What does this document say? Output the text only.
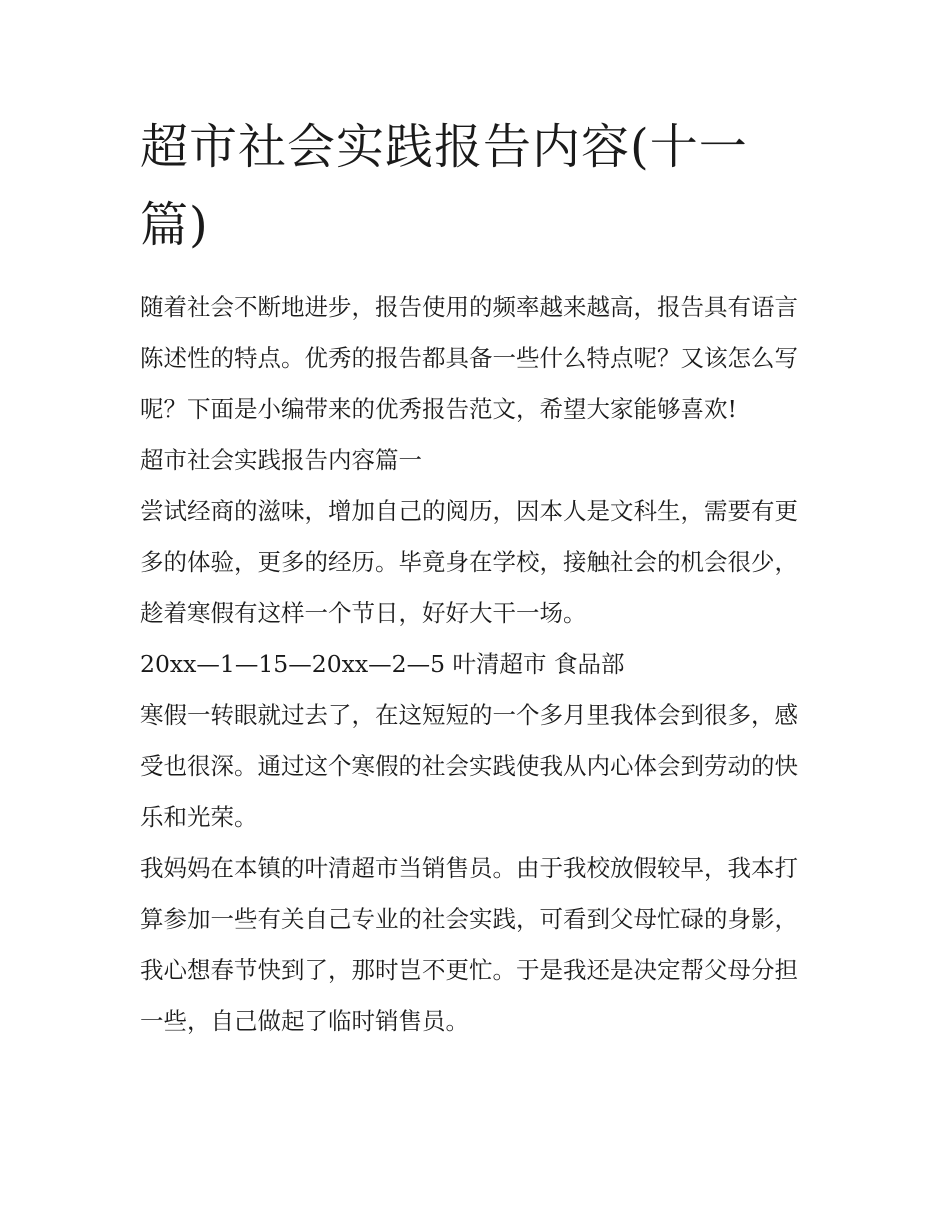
超市社会实践报告内容(十一篇)

随着社会不断地进步，报告使用的频率越来越高，报告具有语言陈述性的特点。优秀的报告都具备一些什么特点呢？又该怎么写呢？下面是小编带来的优秀报告范文，希望大家能够喜欢!

超市社会实践报告内容篇一

尝试经商的滋味，增加自己的阅历，因本人是文科生，需要有更多的体验，更多的经历。毕竟身在学校，接触社会的机会很少，趁着寒假有这样一个节日，好好大干一场。

20xx—1—15—20xx—2—5 叶清超市 食品部

寒假一转眼就过去了，在这短短的一个多月里我体会到很多，感受也很深。通过这个寒假的社会实践使我从内心体会到劳动的快乐和光荣。

我妈妈在本镇的叶清超市当销售员。由于我校放假较早，我本打算参加一些有关自己专业的社会实践，可看到父母忙碌的身影，我心想春节快到了，那时岂不更忙。于是我还是决定帮父母分担一些，自己做起了临时销售员。
